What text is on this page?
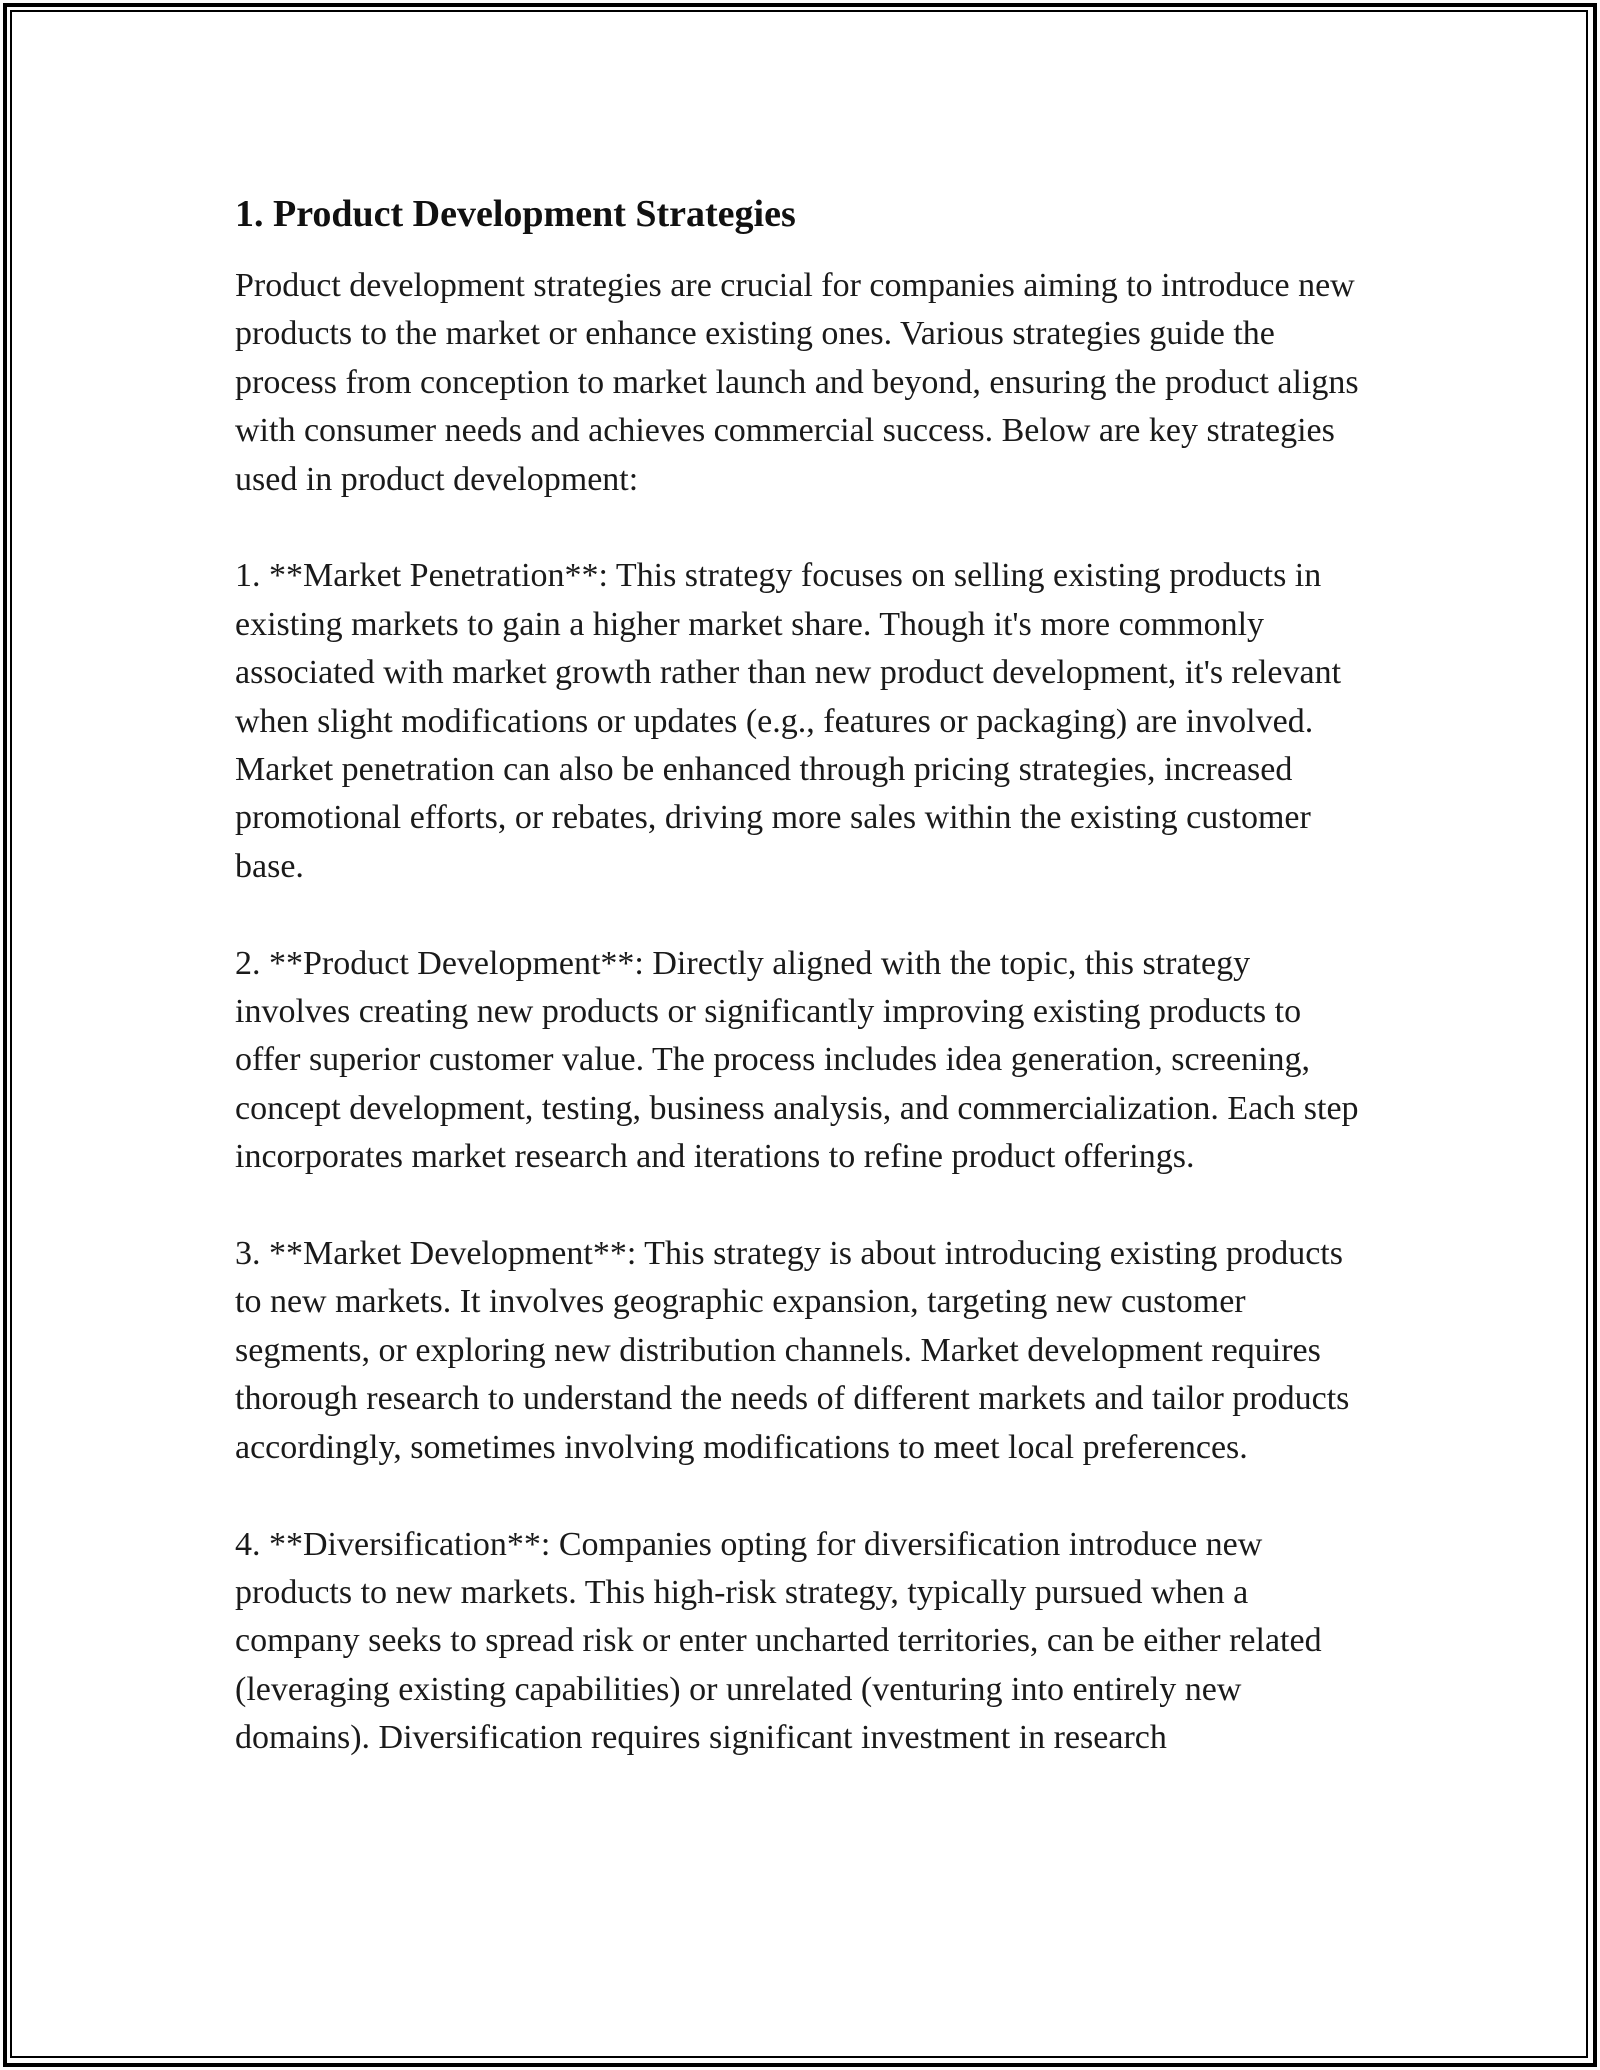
1. Product Development Strategies

Product development strategies are crucial for companies aiming to introduce new products to the market or enhance existing ones. Various strategies guide the process from conception to market launch and beyond, ensuring the product aligns with consumer needs and achieves commercial success. Below are key strategies used in product development:

1. **Market Penetration**: This strategy focuses on selling existing products in existing markets to gain a higher market share. Though it's more commonly associated with market growth rather than new product development, it's relevant when slight modifications or updates (e.g., features or packaging) are involved. Market penetration can also be enhanced through pricing strategies, increased promotional efforts, or rebates, driving more sales within the existing customer base.

2. **Product Development**: Directly aligned with the topic, this strategy involves creating new products or significantly improving existing products to offer superior customer value. The process includes idea generation, screening, concept development, testing, business analysis, and commercialization. Each step incorporates market research and iterations to refine product offerings.

3. **Market Development**: This strategy is about introducing existing products to new markets. It involves geographic expansion, targeting new customer segments, or exploring new distribution channels. Market development requires thorough research to understand the needs of different markets and tailor products accordingly, sometimes involving modifications to meet local preferences.

4. **Diversification**: Companies opting for diversification introduce new products to new markets. This high-risk strategy, typically pursued when a company seeks to spread risk or enter uncharted territories, can be either related (leveraging existing capabilities) or unrelated (venturing into entirely new domains). Diversification requires significant investment in research
